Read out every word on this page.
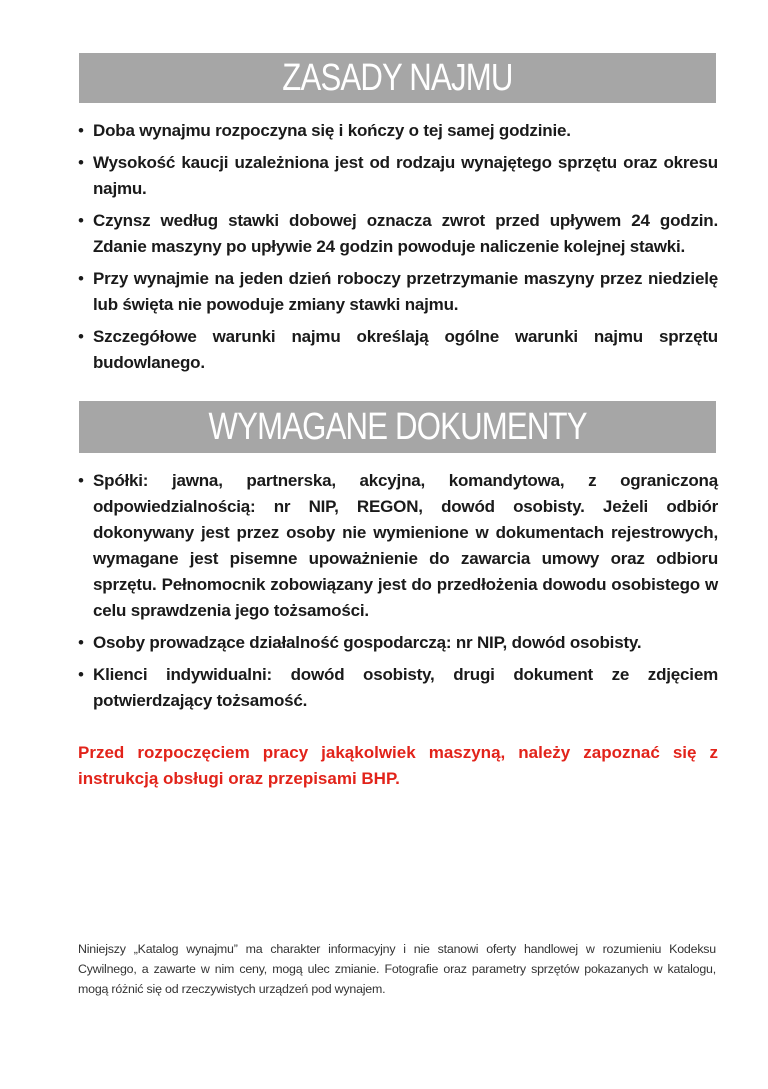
ZASADY NAJMU
• Doba wynajmu rozpoczyna się i kończy o tej samej godzinie.
• Wysokość kaucji uzależniona jest od rodzaju wynajętego sprzętu oraz okresu najmu.
• Czynsz według stawki dobowej oznacza zwrot przed upływem 24 godzin. Zdanie maszyny po upływie 24 godzin powoduje naliczenie kolejnej stawki.
• Przy wynajmie na jeden dzień roboczy przetrzymanie maszyny przez niedzielę lub święta nie powoduje zmiany stawki najmu.
• Szczegółowe warunki najmu określają ogólne warunki najmu sprzętu budowlanego.
WYMAGANE DOKUMENTY
• Spółki: jawna, partnerska, akcyjna, komandytowa, z ograniczoną odpowiedzialnością: nr NIP, REGON, dowód osobisty. Jeżeli odbiór dokonywany jest przez osoby nie wymienione w dokumentach rejestrowych, wymagane jest pisemne upoważnienie do zawarcia umowy oraz odbioru sprzętu. Pełnomocnik zobowiązany jest do przedłożenia dowodu osobistego w celu sprawdzenia jego tożsamości.
• Osoby prowadzące działalność gospodarczą: nr NIP, dowód osobisty.
• Klienci indywidualni: dowód osobisty, drugi dokument ze zdjęciem potwierdzający tożsamość.
Przed rozpoczęciem pracy jakąkolwiek maszyną, należy zapoznać się z instrukcją obsługi oraz przepisami BHP.
Niniejszy „Katalog wynajmu” ma charakter informacyjny i nie stanowi oferty handlowej w rozumieniu Kodeksu Cywilnego, a zawarte w nim ceny, mogą ulec zmianie. Fotografie oraz parametry sprzętów pokazanych w katalogu, mogą różnić się od rzeczywistych urządzeń pod wynajem.
